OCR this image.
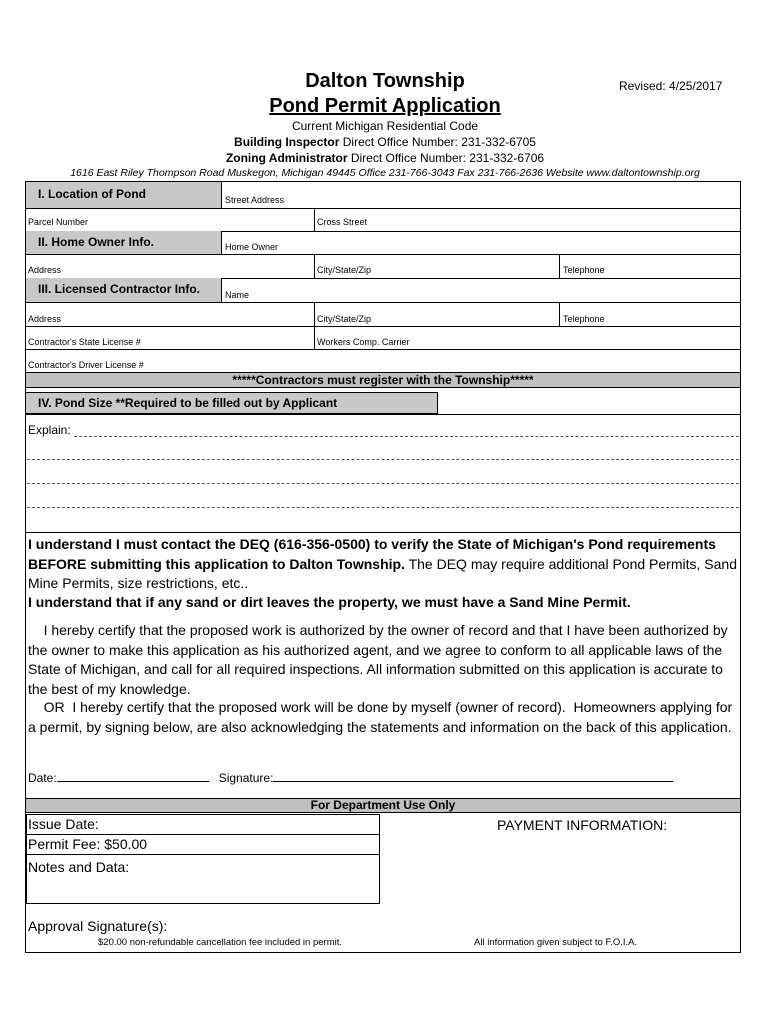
Dalton Township	Revised: 4/25/2017
Pond Permit Application
Current Michigan Residential Code
Building Inspector Direct Office Number: 231-332-6705
Zoning Administrator Direct Office Number: 231-332-6706
1616 East Riley Thompson Road Muskegon, Michigan 49445 Office 231-766-3043 Fax 231-766-2636 Website www.daltontownship.org
I. Location of Pond	Street Address
Parcel Number	Cross Street
II. Home Owner Info.	Home Owner
Address	City/State/Zip	Telephone
III. Licensed Contractor Info.	Name
Address	City/State/Zip	Telephone
Contractor's State License #	Workers Comp. Carrier
Contractor's Driver License #
*****Contractors must register with the Township*****
IV. Pond Size **Required to be filled out by Applicant
Explain:
I understand I must contact the DEQ (616-356-0500) to verify the State of Michigan's Pond requirements BEFORE submitting this application to Dalton Township. The DEQ may require additional Pond Permits, Sand Mine Permits, size restrictions, etc..
I understand that if any sand or dirt leaves the property, we must have a Sand Mine Permit.
I hereby certify that the proposed work is authorized by the owner of record and that I have been authorized by the owner to make this application as his authorized agent, and we agree to conform to all applicable laws of the State of Michigan, and call for all required inspections. All information submitted on this application is accurate to the best of my knowledge.
OR  I hereby certify that the proposed work will be done by myself (owner of record).  Homeowners applying for a permit, by signing below, are also acknowledging the statements and information on the back of this application.
Date:	Signature:
For Department Use Only
Issue Date:
Permit Fee: $50.00
Notes and Data:
PAYMENT INFORMATION:
Approval Signature(s):
$20.00 non-refundable cancellation fee included in permit.	All information given subject to F.O.I.A.
